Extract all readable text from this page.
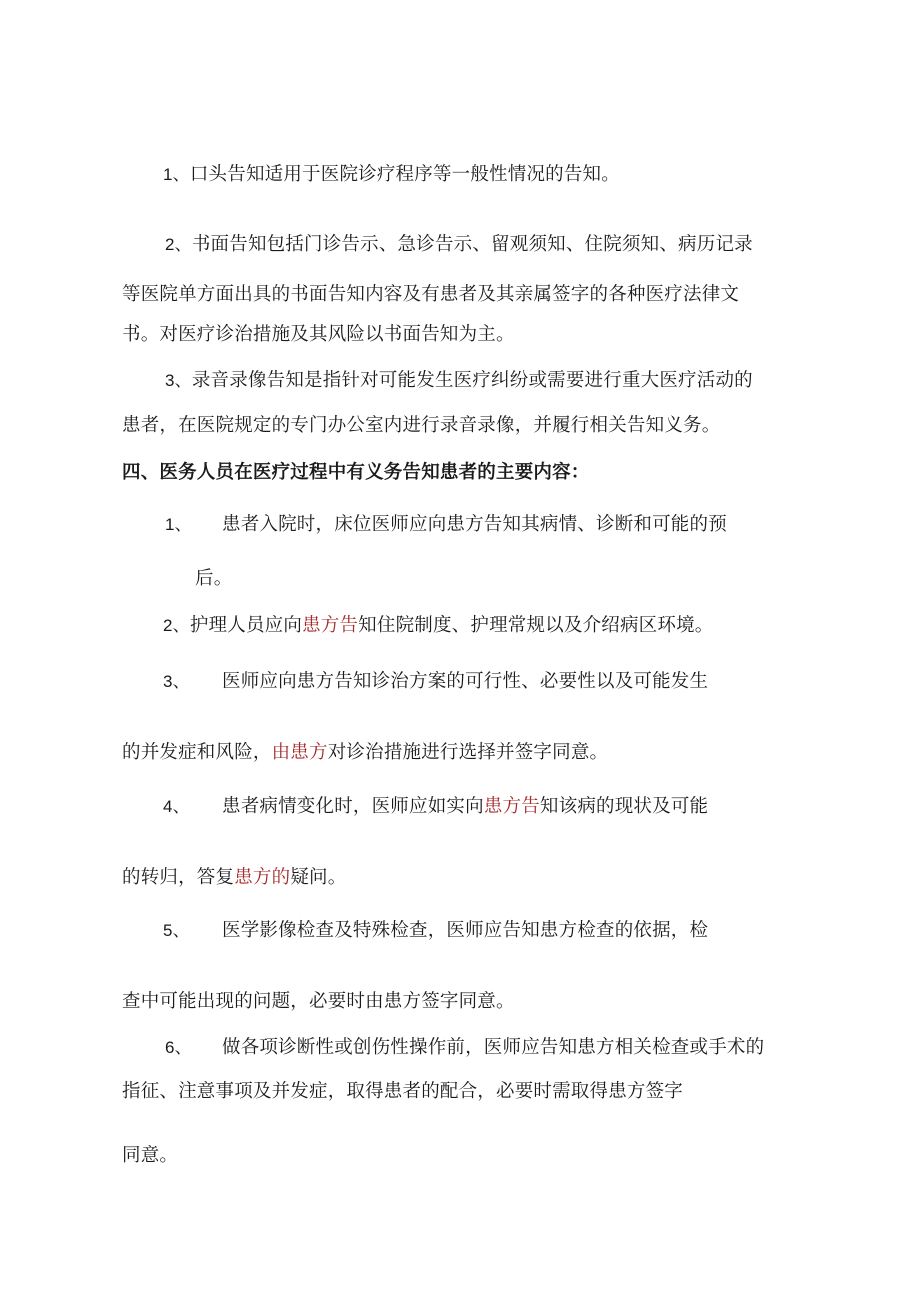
1、口头告知适用于医院诊疗程序等一般性情况的告知。
2、书面告知包括门诊告示、急诊告示、留观须知、住院须知、病历记录
等医院单方面出具的书面告知内容及有患者及其亲属签字的各种医疗法律文
书。对医疗诊治措施及其风险以书面告知为主。
3、录音录像告知是指针对可能发生医疗纠纷或需要进行重大医疗活动的
患者，在医院规定的专门办公室内进行录音录像，并履行相关告知义务。
四、医务人员在医疗过程中有义务告知患者的主要内容：
1、 患者入院时，床位医师应向患方告知其病情、诊断和可能的预
后。
2、护理人员应向患方告知住院制度、护理常规以及介绍病区环境。
3、 医师应向患方告知诊治方案的可行性、必要性以及可能发生
的并发症和风险，由患方对诊治措施进行选择并签字同意。
4、 患者病情变化时，医师应如实向患方告知该病的现状及可能
的转归，答复患方的疑问。
5、 医学影像检查及特殊检查，医师应告知患方检查的依据，检
查中可能出现的问题，必要时由患方签字同意。
6、 做各项诊断性或创伤性操作前，医师应告知患方相关检查或手术的
指征、注意事项及并发症，取得患者的配合，必要时需取得患方签字
同意。
